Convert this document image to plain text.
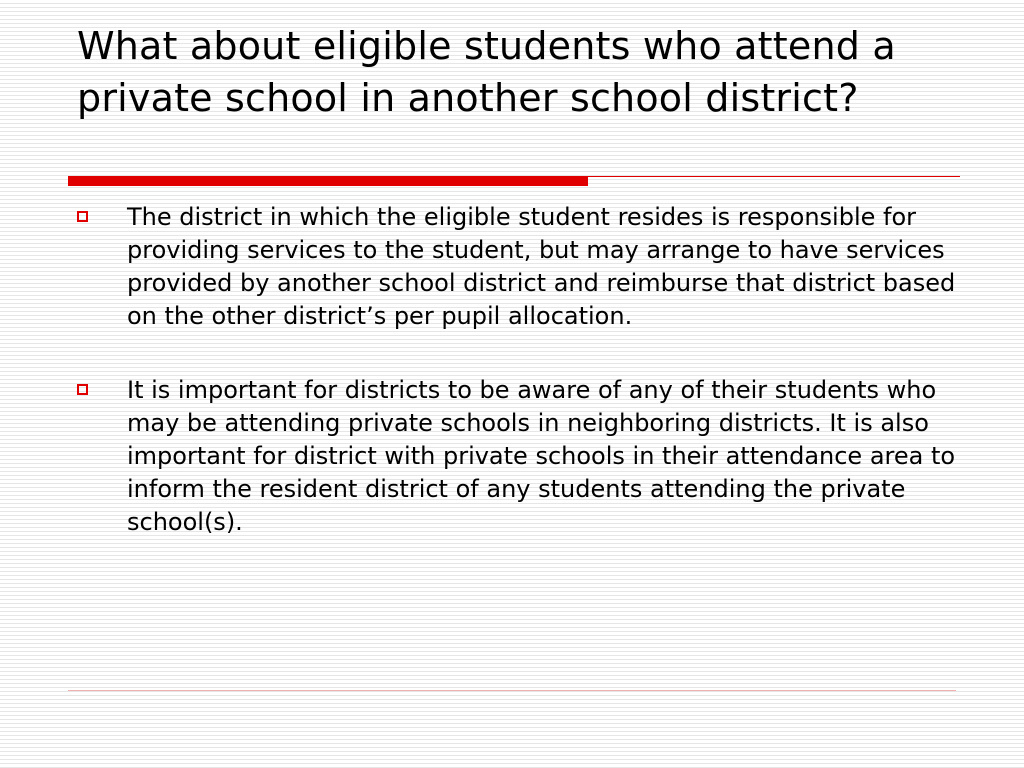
What about eligible students who attend a private school in another school district?
The district in which the eligible student resides is responsible for providing services to the student, but may arrange to have services provided by another school district and reimburse that district based on the other district’s per pupil allocation.
It is important for districts to be aware of any of their students who may be attending private schools in neighboring districts. It is also important for district with private schools in their attendance area to inform the resident district of any students attending the private school(s).
